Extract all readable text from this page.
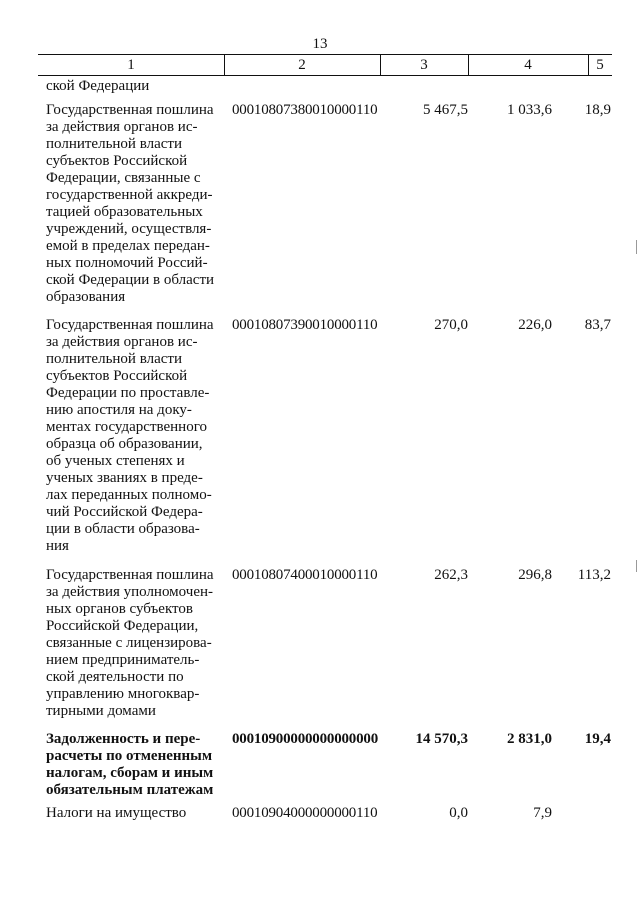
13
1	2	3	4	5
ской Федерации
Государственная пошлина
за действия органов ис-
полнительной власти
субъектов Российской
Федерации, связанные с
государственной аккреди-
тацией образовательных
учреждений, осуществля-
емой в пределах передан-
ных полномочий Россий-
ской Федерации в области
образования
00010807380010000110	5 467,5	1 033,6	18,9
Государственная пошлина
за действия органов ис-
полнительной власти
субъектов Российской
Федерации по проставле-
нию апостиля на доку-
ментах государственного
образца об образовании,
об ученых степенях и
ученых званиях в преде-
лах переданных полномо-
чий Российской Федера-
ции в области образова-
ния
00010807390010000110	270,0	226,0	83,7
Государственная пошлина
за действия уполномочен-
ных органов субъектов
Российской Федерации,
связанные с лицензирова-
нием предприниматель-
ской деятельности по
управлению многоквар-
тирными домами
00010807400010000110	262,3	296,8	113,2
Задолженность и пере-
расчеты по отмененным
налогам, сборам и иным
обязательным платежам
00010900000000000000	14 570,3	2 831,0	19,4
Налоги на имущество	00010904000000000110	0,0	7,9
